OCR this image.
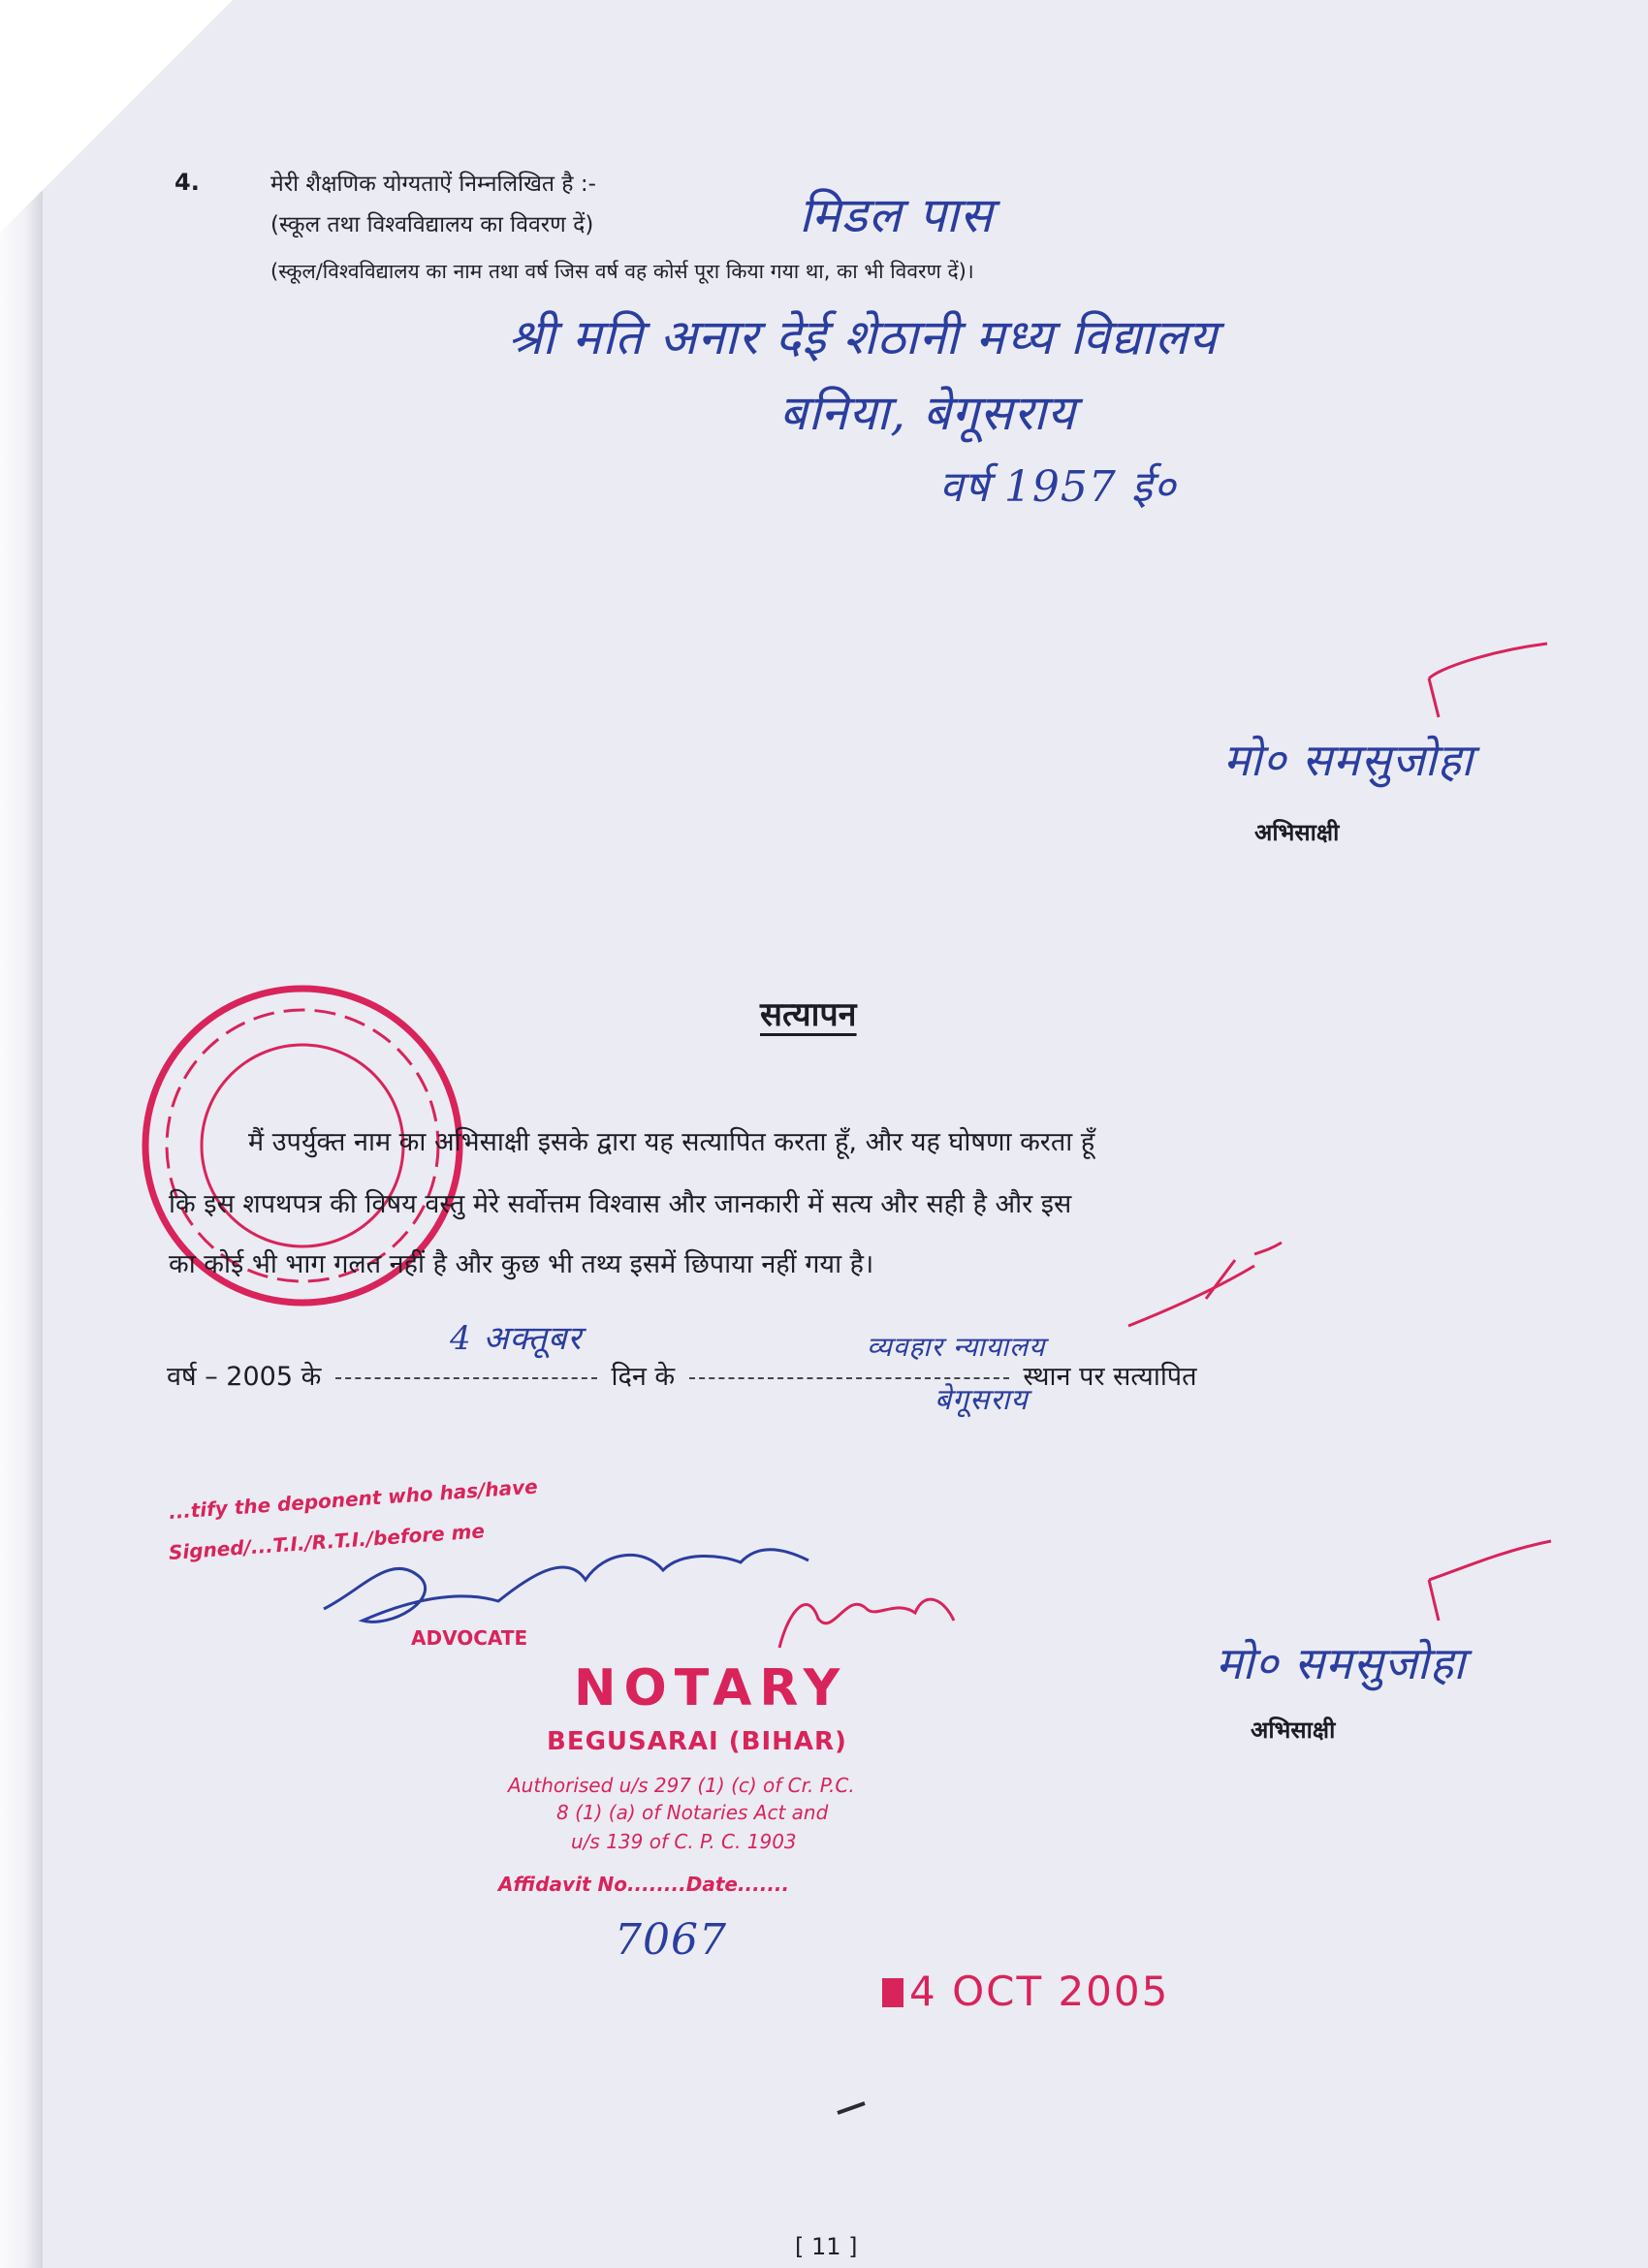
4.	मेरी शैक्षणिक योग्यताऐं निम्नलिखित है :-
(स्कूल तथा विश्वविद्यालय का विवरण दें)
(स्कूल/विश्वविद्यालय का नाम तथा वर्ष जिस वर्ष वह कोर्स पूरा किया गया था, का भी विवरण दें)।
मिडल पास
श्री मति अनार देई शेठानी मध्य विद्यालय
बनिया, बेगूसराय
वर्ष 1957 ई०
मो० समसुजोहा
अभिसाक्षी
सत्यापन
मैं उपर्युक्त नाम का अभिसाक्षी इसके द्वारा यह सत्यापित करता हूँ, और यह घोषणा करता हूँ
कि इस शपथपत्र की विषय वस्तु मेरे सर्वोत्तम विश्वास और जानकारी में सत्य और सही है और इस
का कोई भी भाग गलत नहीं है और कुछ भी तथ्य इसमें छिपाया नहीं गया है।
वर्ष – 2005 के	दिन के	स्थान पर सत्यापित
4 अक्तूबर	व्यवहार न्यायालय
बेगूसराय
मो० समसुजोहा
अभिसाक्षी
...tify the deponent who has/have
Signed/...T.I./R.T.I./before me
ADVOCATE
NOTARY
BEGUSARAI (BIHAR)
Authorised u/s 297 (1) (c) of Cr. P.C.
8 (1) (a) of Notaries Act and
u/s 139 of C. P. C. 1903
Affidavit No........Date.......
7067
4 OCT 2005
[ 11 ]
